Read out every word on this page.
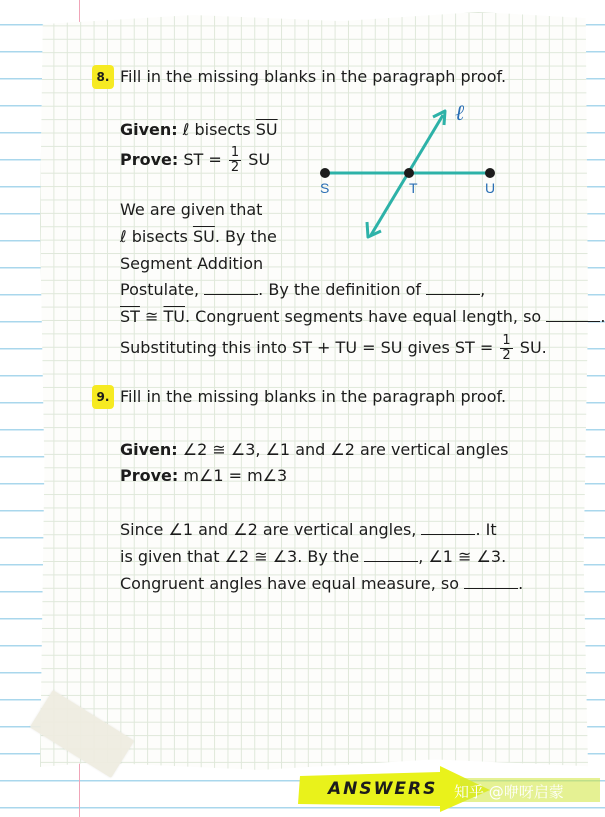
8. Fill in the missing blanks in the paragraph proof.
Given: ℓ bisects $\overline{SU}$
Prove: ST = $\frac{1}{2}$ SU
We are given that
ℓ bisects $\overline{SU}$. By the
Segment Addition
Postulate,	. By the definition of	,
$\overline{ST}$ ≅ $\overline{TU}$. Congruent segments have equal length, so	.
Substituting this into ST + TU = SU gives ST = $\frac{1}{2}$ SU.
S	T	U
ℓ
9. Fill in the missing blanks in the paragraph proof.
Given: ∠2 ≅ ∠3, ∠1 and ∠2 are vertical angles
Prove: m∠1 = m∠3
Since ∠1 and ∠2 are vertical angles,	. It
is given that ∠2 ≅ ∠3. By the	, ∠1 ≅ ∠3.
Congruent angles have equal measure, so	.
ANSWERS 知乎 @咿呀启蒙
